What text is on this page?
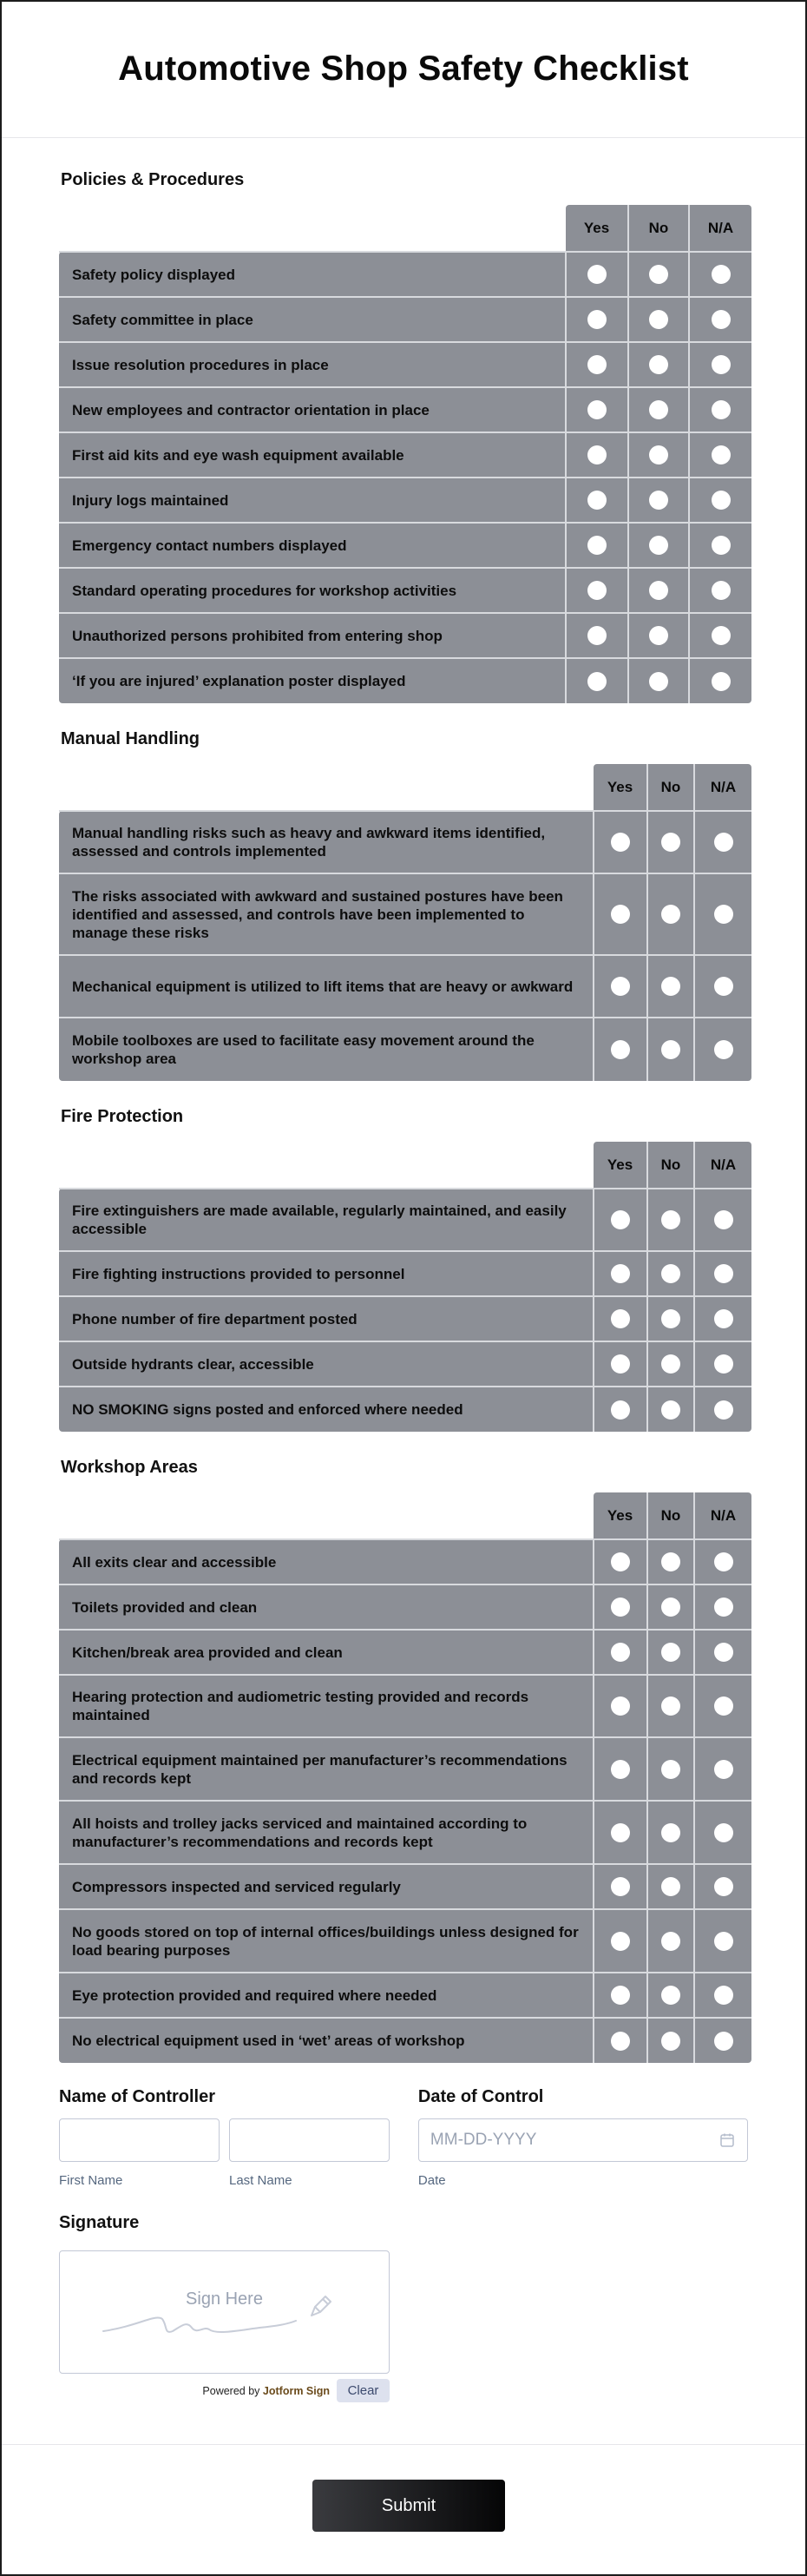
Automotive Shop Safety Checklist
Policies & Procedures
	Yes	No	N/A
Safety policy displayed			
Safety committee in place			
Issue resolution procedures in place			
New employees and contractor orientation in place			
First aid kits and eye wash equipment available			
Injury logs maintained			
Emergency contact numbers displayed			
Standard operating procedures for workshop activities			
Unauthorized persons prohibited from entering shop			
‘If you are injured’ explanation poster displayed			
Manual Handling
	Yes	No	N/A
Manual handling risks such as heavy and awkward items identified, assessed and controls implemented			
The risks associated with awkward and sustained postures have been identified and assessed, and controls have been implemented to manage these risks			
Mechanical equipment is utilized to lift items that are heavy or awkward			
Mobile toolboxes are used to facilitate easy movement around the workshop area			
Fire Protection
	Yes	No	N/A
Fire extinguishers are made available, regularly maintained, and easily accessible			
Fire fighting instructions provided to personnel			
Phone number of fire department posted			
Outside hydrants clear, accessible			
NO SMOKING signs posted and enforced where needed			
Workshop Areas
	Yes	No	N/A
All exits clear and accessible			
Toilets provided and clean			
Kitchen/break area provided and clean			
Hearing protection and audiometric testing provided and records maintained			
Electrical equipment maintained per manufacturer’s recommendations and records kept			
All hoists and trolley jacks serviced and maintained according to manufacturer’s recommendations and records kept			
Compressors inspected and serviced regularly			
No goods stored on top of internal offices/buildings unless designed for load bearing purposes			
Eye protection provided and required where needed			
No electrical equipment used in ‘wet’ areas of workshop			
Name of Controller
First Name	Last Name
Date of Control
MM-DD-YYYY
Date
Signature
Sign Here
Powered by Jotform Sign	Clear
Submit
